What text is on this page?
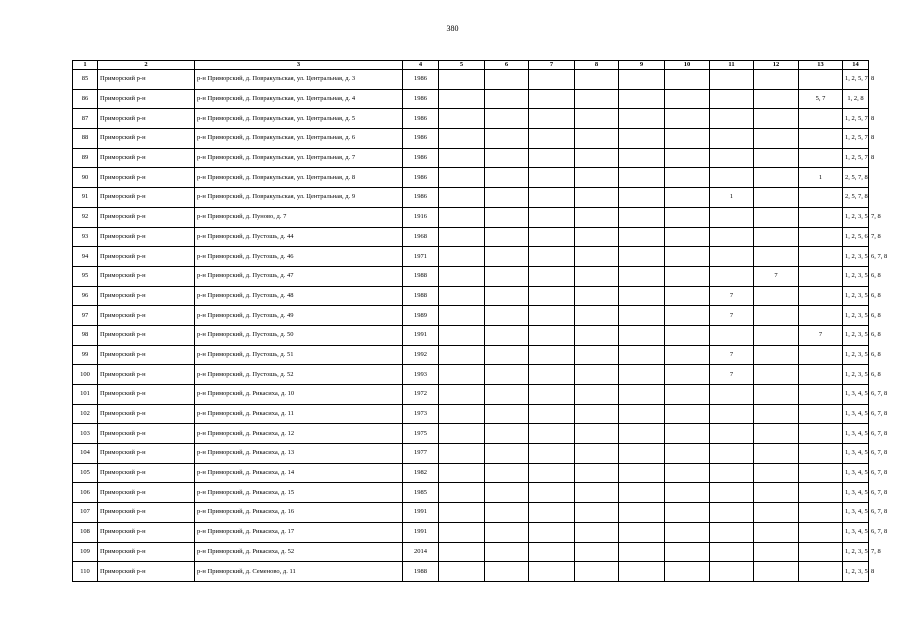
380
1	2	3	4	5	6	7	8	9	10	11	12	13	14
85	Приморский р-н	р-н Приморский, д. Повракульская, ул. Центральная, д. 3	1986										1, 2, 5, 7, 8
86	Приморский р-н	р-н Приморский, д. Повракульская, ул. Центральная, д. 4	1986									5, 7	1, 2, 8
87	Приморский р-н	р-н Приморский, д. Повракульская, ул. Центральная, д. 5	1986										1, 2, 5, 7, 8
88	Приморский р-н	р-н Приморский, д. Повракульская, ул. Центральная, д. 6	1986										1, 2, 5, 7, 8
89	Приморский р-н	р-н Приморский, д. Повракульская, ул. Центральная, д. 7	1986										1, 2, 5, 7, 8
90	Приморский р-н	р-н Приморский, д. Повракульская, ул. Центральная, д. 8	1986									1	2, 5, 7, 8
91	Приморский р-н	р-н Приморский, д. Повракульская, ул. Центральная, д. 9	1986							1			2, 5, 7, 8
92	Приморский р-н	р-н Приморский, д. Пуново, д. 7	1916										1, 2, 3, 5, 7, 8
93	Приморский р-н	р-н Приморский, д. Пустошь, д. 44	1968										1, 2, 5, 6, 7, 8
94	Приморский р-н	р-н Приморский, д. Пустошь, д. 46	1971										1, 2, 3, 5, 6, 7, 8
95	Приморский р-н	р-н Приморский, д. Пустошь, д. 47	1988								7		1, 2, 3, 5, 6, 8
96	Приморский р-н	р-н Приморский, д. Пустошь, д. 48	1988							7			1, 2, 3, 5, 6, 8
97	Приморский р-н	р-н Приморский, д. Пустошь, д. 49	1989							7			1, 2, 3, 5, 6, 8
98	Приморский р-н	р-н Приморский, д. Пустошь, д. 50	1991									7	1, 2, 3, 5, 6, 8
99	Приморский р-н	р-н Приморский, д. Пустошь, д. 51	1992							7			1, 2, 3, 5, 6, 8
100	Приморский р-н	р-н Приморский, д. Пустошь, д. 52	1993							7			1, 2, 3, 5, 6, 8
101	Приморский р-н	р-н Приморский, д. Рикасиха, д. 10	1972										1, 3, 4, 5, 6, 7, 8
102	Приморский р-н	р-н Приморский, д. Рикасиха, д. 11	1973										1, 3, 4, 5, 6, 7, 8
103	Приморский р-н	р-н Приморский, д. Рикасиха, д. 12	1975										1, 3, 4, 5, 6, 7, 8
104	Приморский р-н	р-н Приморский, д. Рикасиха, д. 13	1977										1, 3, 4, 5, 6, 7, 8
105	Приморский р-н	р-н Приморский, д. Рикасиха, д. 14	1982										1, 3, 4, 5, 6, 7, 8
106	Приморский р-н	р-н Приморский, д. Рикасиха, д. 15	1985										1, 3, 4, 5, 6, 7, 8
107	Приморский р-н	р-н Приморский, д. Рикасиха, д. 16	1991										1, 3, 4, 5, 6, 7, 8
108	Приморский р-н	р-н Приморский, д. Рикасиха, д. 17	1991										1, 3, 4, 5, 6, 7, 8
109	Приморский р-н	р-н Приморский, д. Рикасиха, д. 52	2014										1, 2, 3, 5, 7, 8
110	Приморский р-н	р-н Приморский, д. Семеново, д. 11	1988										1, 2, 3, 5, 8
